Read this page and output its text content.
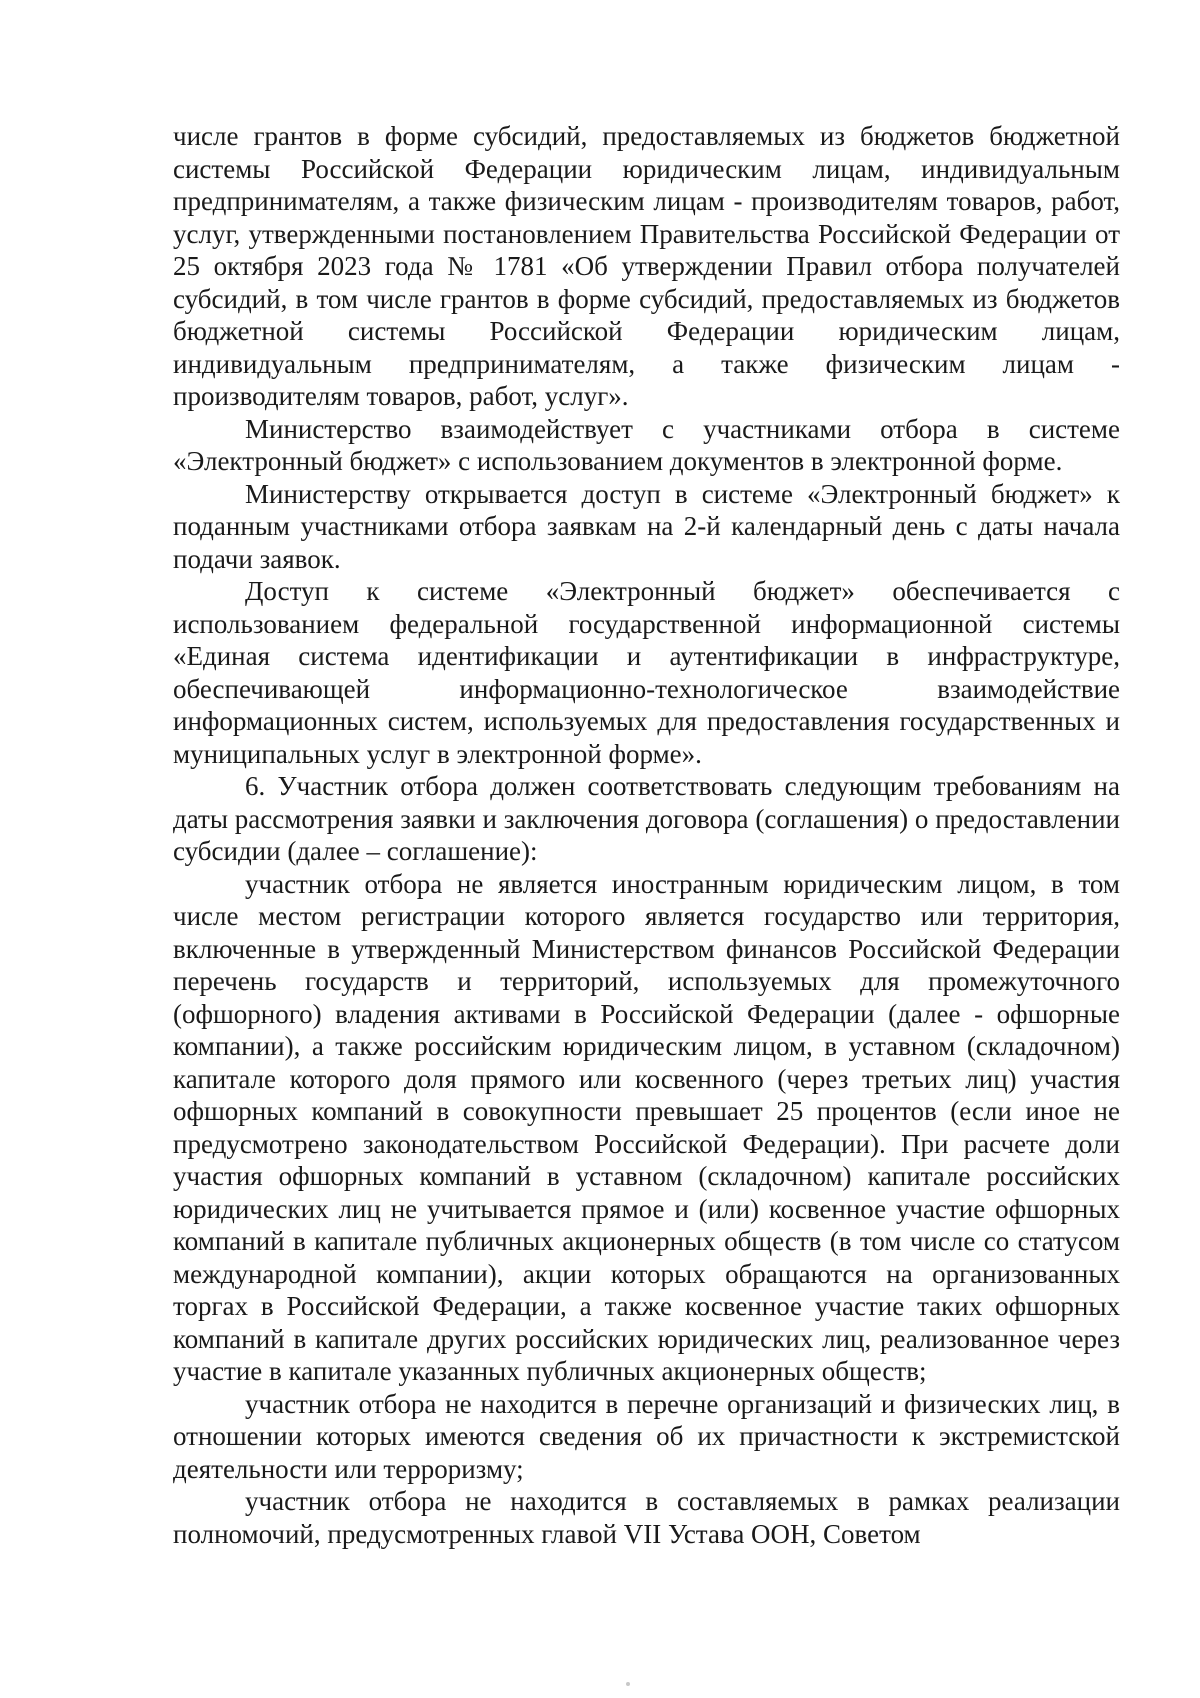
числе грантов в форме субсидий, предоставляемых из бюджетов бюджетной системы Российской Федерации юридическим лицам, индивидуальным предпринимателям, а также физическим лицам - производителям товаров, работ, услуг, утвержденными постановлением Правительства Российской Федерации от 25 октября 2023 года № 1781 «Об утверждении Правил отбора получателей субсидий, в том числе грантов в форме субсидий, предоставляемых из бюджетов бюджетной системы Российской Федерации юридическим лицам, индивидуальным предпринимателям, а также физическим лицам - производителям товаров, работ, услуг».

Министерство взаимодействует с участниками отбора в системе «Электронный бюджет» с использованием документов в электронной форме.

Министерству открывается доступ в системе «Электронный бюджет» к поданным участниками отбора заявкам на 2-й календарный день с даты начала подачи заявок.

Доступ к системе «Электронный бюджет» обеспечивается с использованием федеральной государственной информационной системы «Единая система идентификации и аутентификации в инфраструктуре, обеспечивающей информационно-технологическое взаимодействие информационных систем, используемых для предоставления государственных и муниципальных услуг в электронной форме».

6. Участник отбора должен соответствовать следующим требованиям на даты рассмотрения заявки и заключения договора (соглашения) о предоставлении субсидии (далее – соглашение):

участник отбора не является иностранным юридическим лицом, в том числе местом регистрации которого является государство или территория, включенные в утвержденный Министерством финансов Российской Федерации перечень государств и территорий, используемых для промежуточного (офшорного) владения активами в Российской Федерации (далее - офшорные компании), а также российским юридическим лицом, в уставном (складочном) капитале которого доля прямого или косвенного (через третьих лиц) участия офшорных компаний в совокупности превышает 25 процентов (если иное не предусмотрено законодательством Российской Федерации). При расчете доли участия офшорных компаний в уставном (складочном) капитале российских юридических лиц не учитывается прямое и (или) косвенное участие офшорных компаний в капитале публичных акционерных обществ (в том числе со статусом международной компании), акции которых обращаются на организованных торгах в Российской Федерации, а также косвенное участие таких офшорных компаний в капитале других российских юридических лиц, реализованное через участие в капитале указанных публичных акционерных обществ;

участник отбора не находится в перечне организаций и физических лиц, в отношении которых имеются сведения об их причастности к экстремистской деятельности или терроризму;

участник отбора не находится в составляемых в рамках реализации полномочий, предусмотренных главой VII Устава ООН, Советом
